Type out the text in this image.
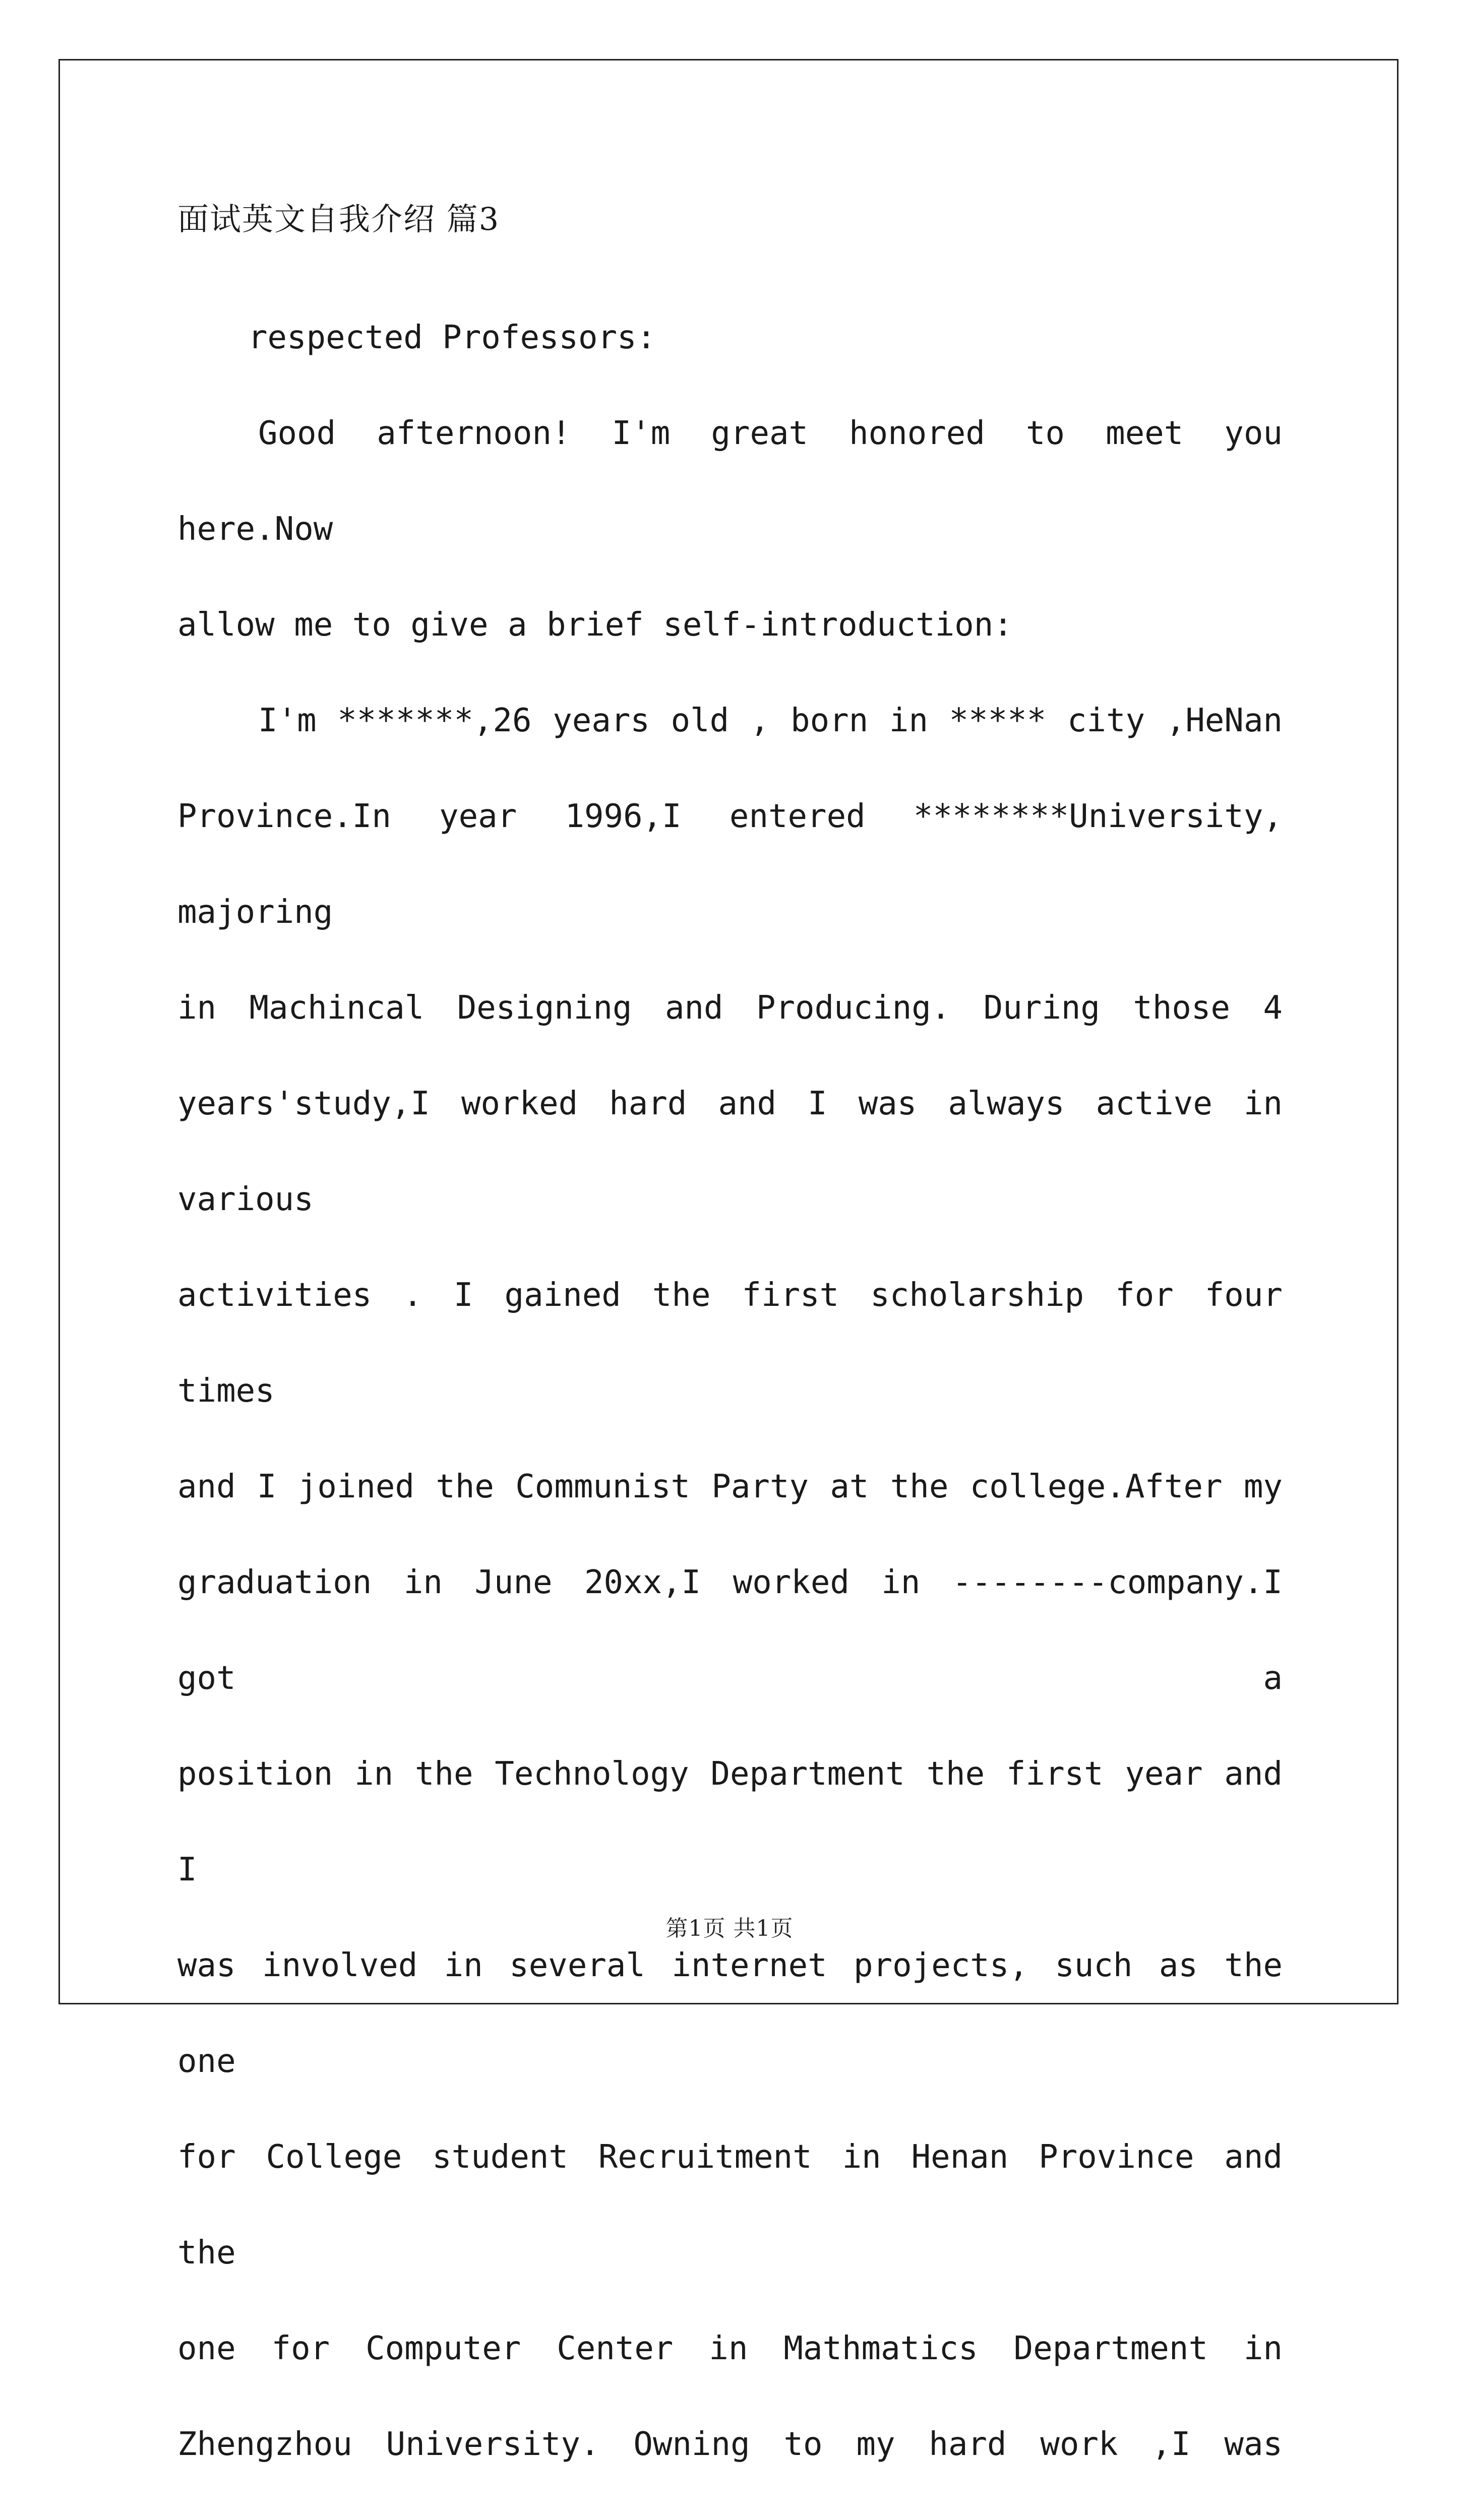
面试英文自我介绍 篇3

respected Professors:

Good afternoon! I'm great honored to meet you here.Now
allow me to give a brief self-introduction:

I'm *******,26 years old , born in ***** city ,HeNan
Province.In year 1996,I entered ********University, majoring
in Machincal Designing and Producing. During those 4
years'study,I worked hard and I was always active in various
activities . I gained the first scholarship for four times
and I joined the Communist Party at the college.After my
graduation in June 20xx,I worked in --------company.I got a
position in the Technology Department the first year and I
was involved in several internet projects, such as the one
for College student Recruitment in Henan Province and the
one for Computer Center in Mathmatics Department in
Zhengzhou University. Owning to my hard work ,I was

第1页 共1页
